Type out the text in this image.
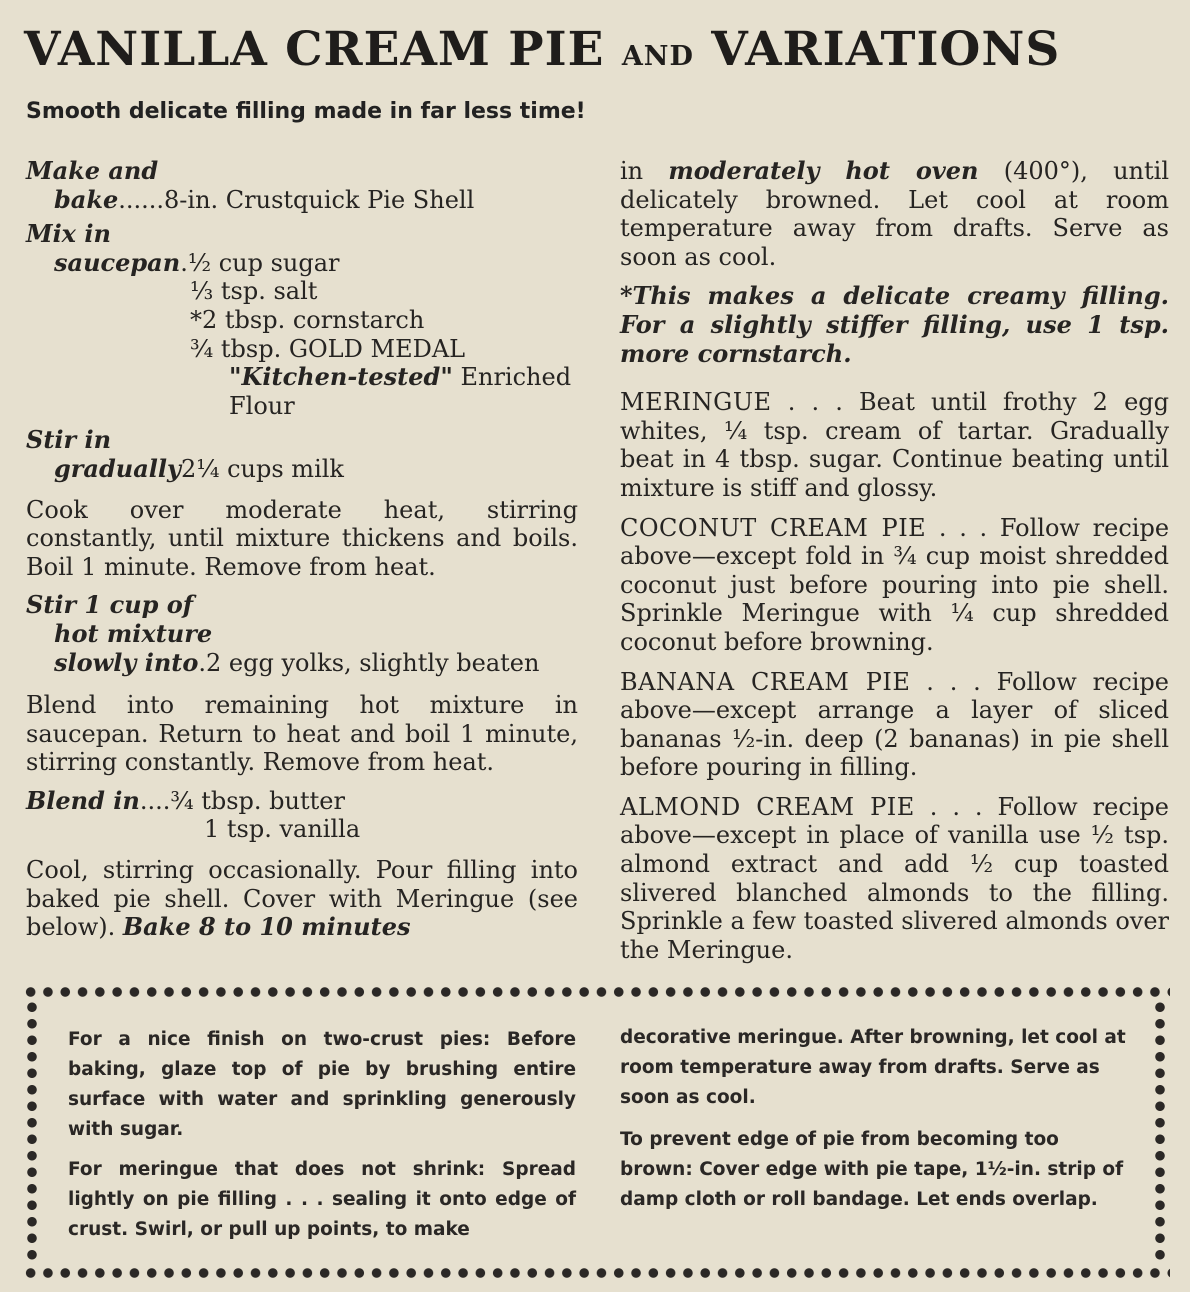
VANILLA CREAM PIE AND VARIATIONS
Smooth delicate filling made in far less time!
Make and
bake ...... 8-in. Crustquick Pie Shell
Mix in
saucepan . ½ cup sugar
⅓ tsp. salt
*2 tbsp. cornstarch
¾ tbsp. GOLD MEDAL
"Kitchen-tested"
Enriched
Flour
Stir in
gradually 2¼ cups milk

Cook over moderate heat, stirring constantly, until mixture thickens and boils. Boil 1 minute. Remove from heat.

Stir 1 cup of
hot mixture
slowly into . 2 egg yolks, slightly beaten

Blend into remaining hot mixture in saucepan. Return to heat and boil 1 minute, stirring constantly. Remove from heat.

Blend in .... ¾ tbsp. butter
1 tsp. vanilla

Cool, stirring occasionally. Pour filling into baked pie shell. Cover with Meringue (see below). Bake 8 to 10 minutes

in moderately hot oven (400°), until delicately browned. Let cool at room temperature away from drafts. Serve as soon as cool.

*This makes a delicate creamy filling. For a slightly stiffer filling, use 1 tsp. more cornstarch.

MERINGUE . . . Beat until frothy 2 egg whites, ¼ tsp. cream of tartar. Gradually beat in 4 tbsp. sugar. Continue beating until mixture is stiff and glossy.

COCONUT CREAM PIE . . . Follow recipe above—except fold in ¾ cup moist shredded coconut just before pouring into pie shell. Sprinkle Meringue with ¼ cup shredded coconut before browning.

BANANA CREAM PIE . . . Follow recipe above—except arrange a layer of sliced bananas ½-in. deep (2 bananas) in pie shell before pouring in filling.

ALMOND CREAM PIE . . . Follow recipe above—except in place of vanilla use ½ tsp. almond extract and add ½ cup toasted slivered blanched almonds to the filling. Sprinkle a few toasted slivered almonds over the Meringue.

For a nice finish on two-crust pies: Before baking, glaze top of pie by brushing entire surface with water and sprinkling generously with sugar.

For meringue that does not shrink: Spread lightly on pie filling . . . sealing it onto edge of crust. Swirl, or pull up points, to make

decorative meringue. After browning, let cool at room temperature away from drafts. Serve as soon as cool.

To prevent edge of pie from becoming too brown: Cover edge with pie tape, 1½-in. strip of damp cloth or roll bandage. Let ends overlap.
